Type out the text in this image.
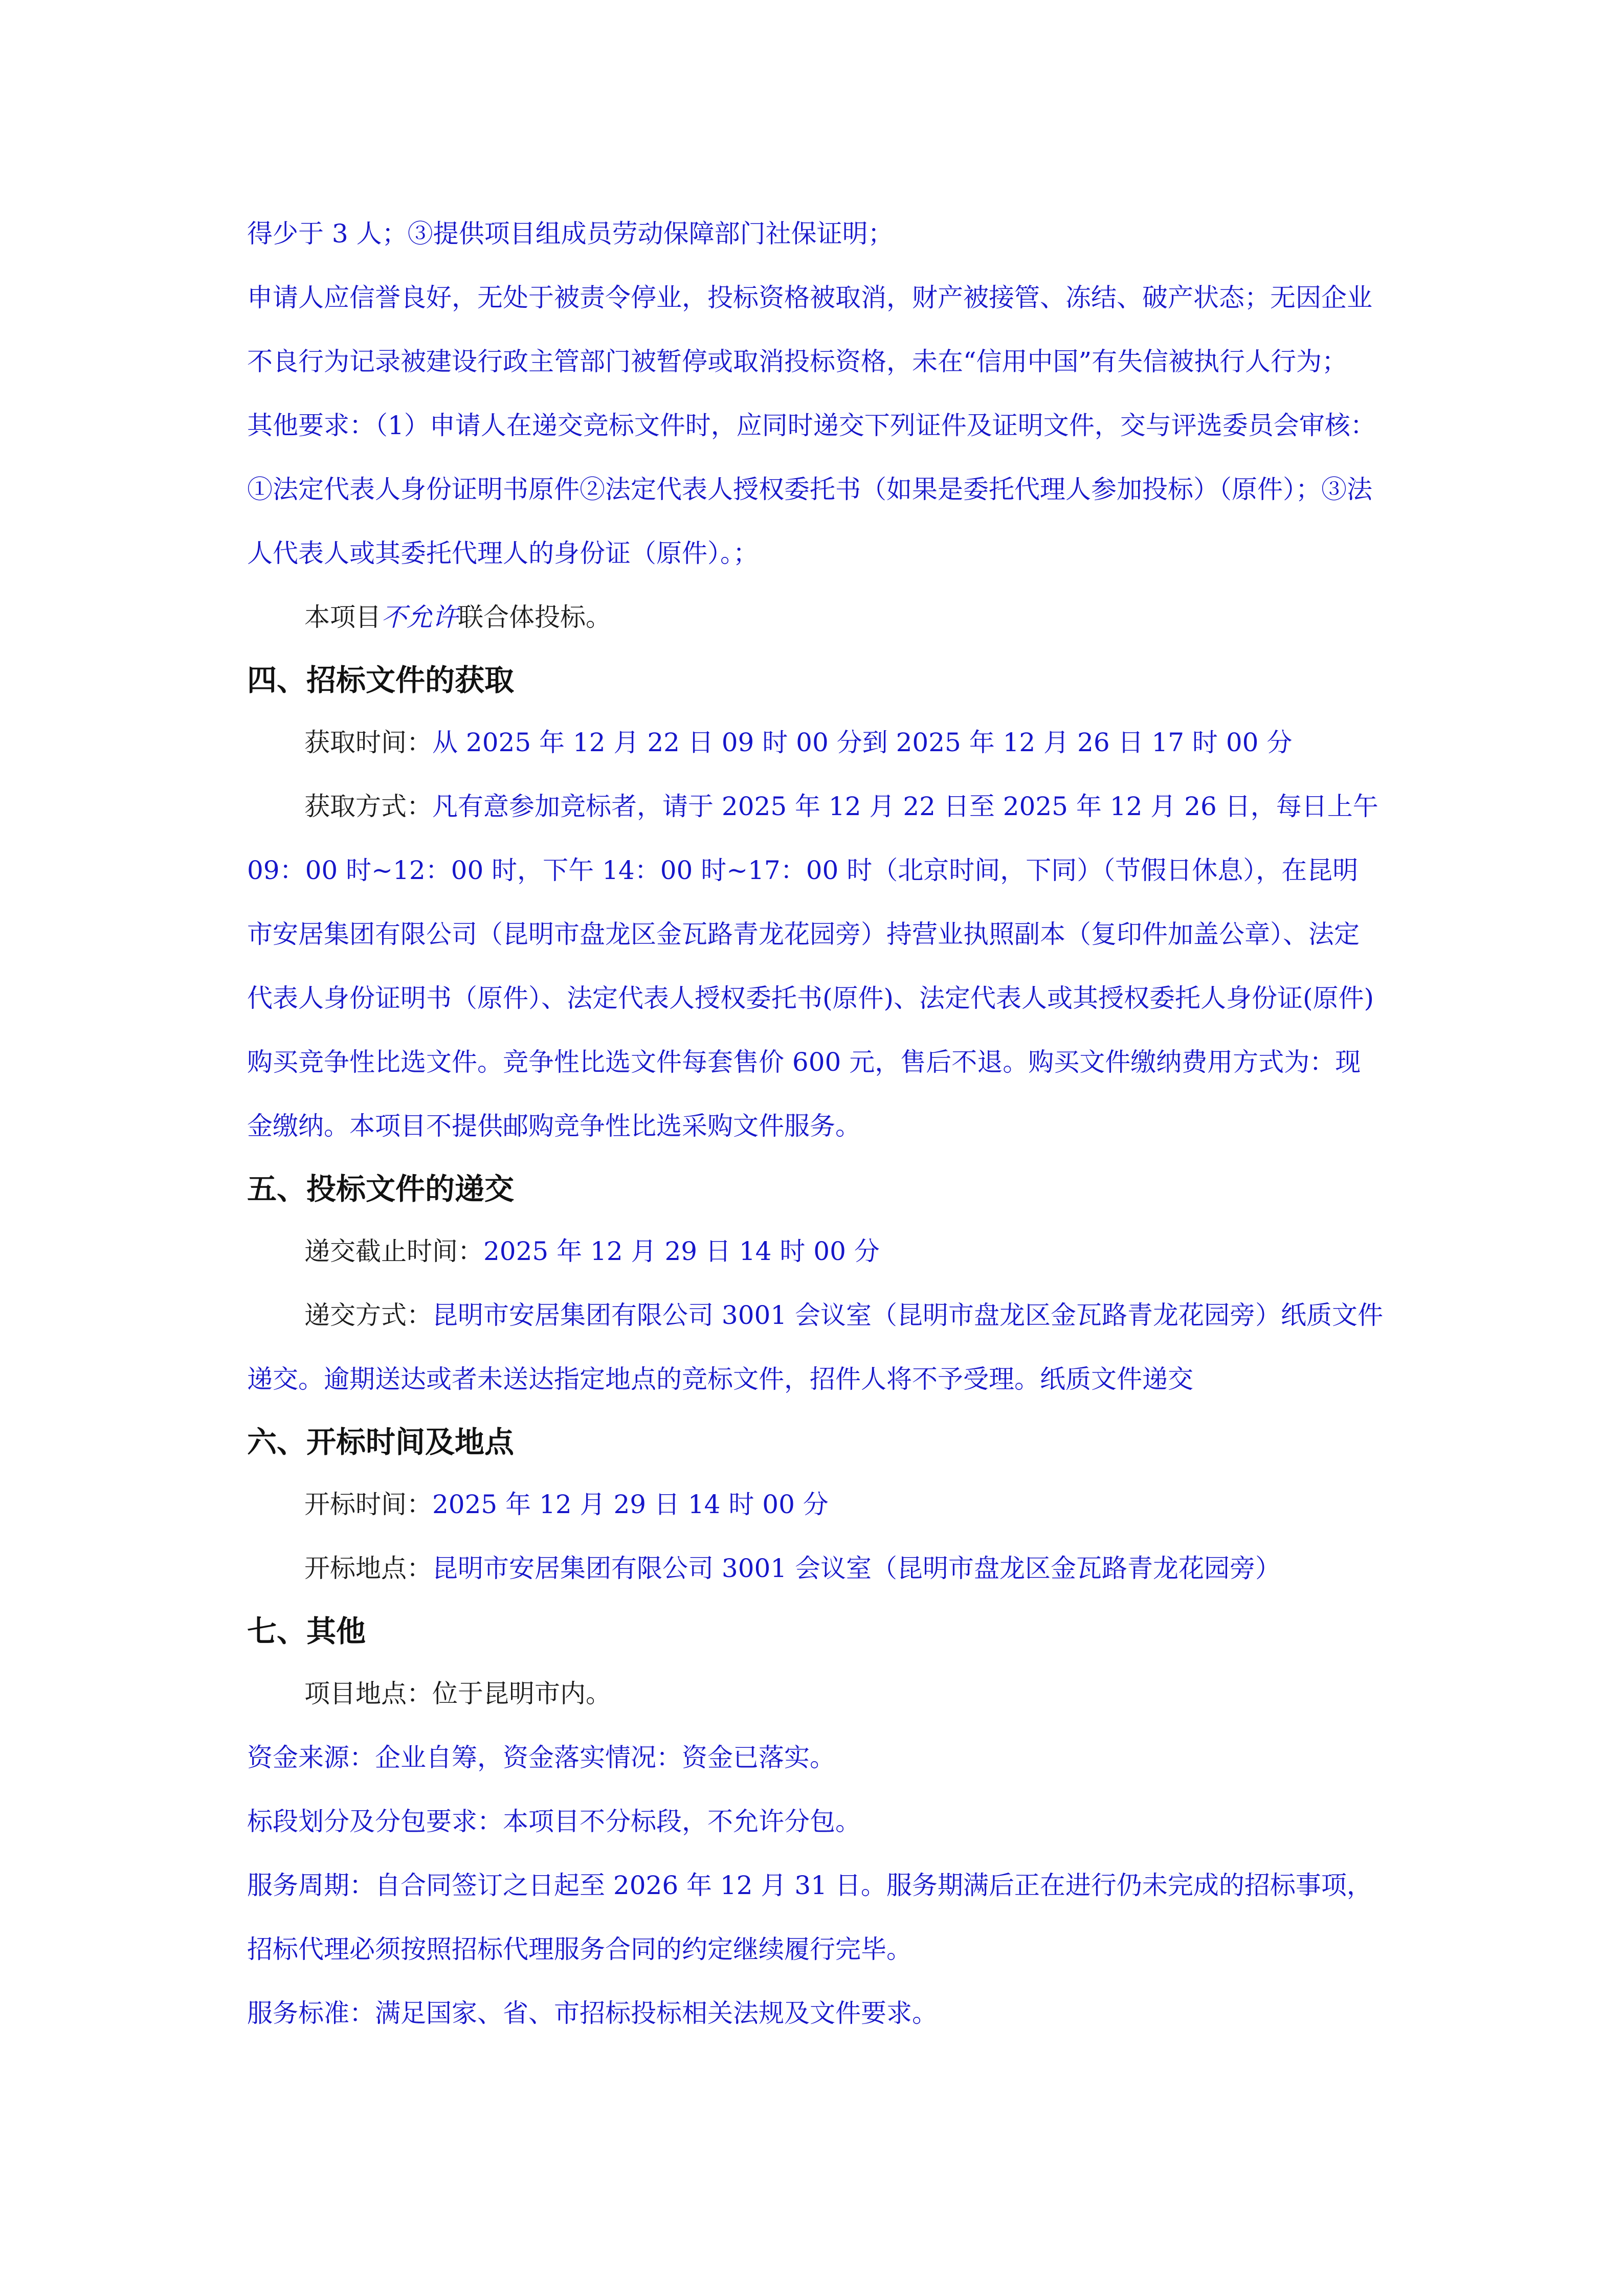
得少于 3 人；③提供项目组成员劳动保障部门社保证明；

申请人应信誉良好，无处于被责令停业，投标资格被取消，财产被接管、冻结、破产状态；无因企业不良行为记录被建设行政主管部门被暂停或取消投标资格，未在“信用中国”有失信被执行人行为；

其他要求：（1）申请人在递交竞标文件时，应同时递交下列证件及证明文件，交与评选委员会审核：①法定代表人身份证明书原件②法定代表人授权委托书（如果是委托代理人参加投标）（原件）；③法人代表人或其委托代理人的身份证（原件）。；

本项目不允许联合体投标。

四、招标文件的获取

获取时间：从 2025 年 12 月 22 日 09 时 00 分到 2025 年 12 月 26 日 17 时 00 分

获取方式：凡有意参加竞标者，请于 2025 年 12 月 22 日至 2025 年 12 月 26 日，每日上午 09：00 时~12：00 时，下午 14：00 时~17：00 时（北京时间，下同）（节假日休息），在昆明市安居集团有限公司（昆明市盘龙区金瓦路青龙花园旁）持营业执照副本（复印件加盖公章）、法定代表人身份证明书（原件）、法定代表人授权委托书(原件)、法定代表人或其授权委托人身份证(原件)购买竞争性比选文件。竞争性比选文件每套售价 600 元，售后不退。购买文件缴纳费用方式为：现金缴纳。本项目不提供邮购竞争性比选采购文件服务。

五、投标文件的递交

递交截止时间：2025 年 12 月 29 日 14 时 00 分

递交方式：昆明市安居集团有限公司 3001 会议室（昆明市盘龙区金瓦路青龙花园旁）纸质文件递交。逾期送达或者未送达指定地点的竞标文件，招件人将不予受理。纸质文件递交

六、开标时间及地点

开标时间：2025 年 12 月 29 日 14 时 00 分

开标地点：昆明市安居集团有限公司 3001 会议室（昆明市盘龙区金瓦路青龙花园旁）

七、其他

项目地点：位于昆明市内。

资金来源：企业自筹，资金落实情况：资金已落实。

标段划分及分包要求：本项目不分标段，不允许分包。

服务周期：自合同签订之日起至 2026 年 12 月 31 日。服务期满后正在进行仍未完成的招标事项，招标代理必须按照招标代理服务合同的约定继续履行完毕。

服务标准：满足国家、省、市招标投标相关法规及文件要求。
